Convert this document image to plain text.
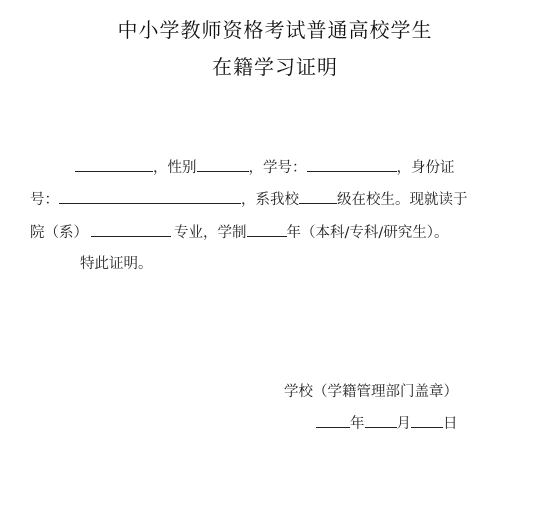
中小学教师资格考试普通高校学生
在籍学习证明
，性别	，学号：	，身份证
号：	，系我校	级在校生。现就读于
院（系）	专业，学制	年（本科/专科/研究生）。
特此证明。
学校（学籍管理部门盖章）
年 月 日
